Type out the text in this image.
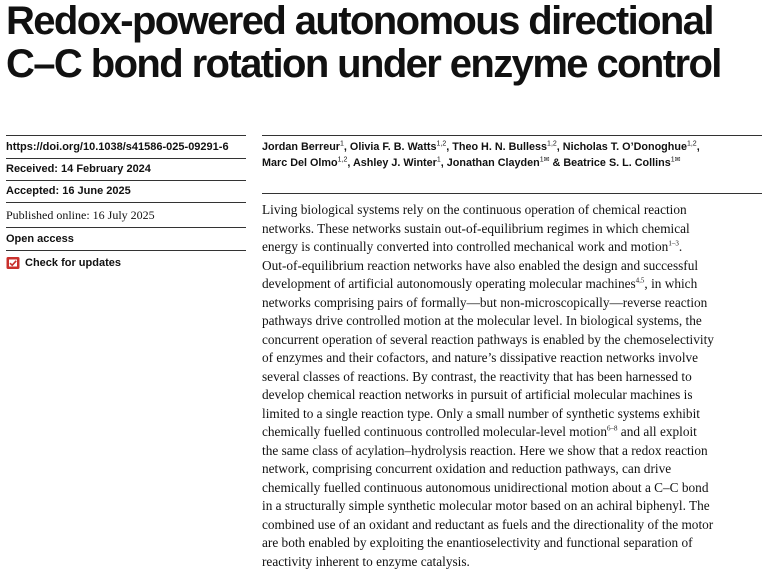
Redox-powered autonomous directional
C–C bond rotation under enzyme control
https://doi.org/10.1038/s41586-025-09291-6
Received: 14 February 2024
Accepted: 16 June 2025
Published online: 16 July 2025
Open access
Check for updates
Jordan Berreur$^1$, Olivia F. B. Watts$^{1,2}$, Theo H. N. Bulless$^{1,2}$, Nicholas T. O’Donoghue$^{1,2}$,
Marc Del Olmo$^{1,2}$, Ashley J. Winter$^1$, Jonathan Clayden$^{1✉}$ & Beatrice S. L. Collins$^{1✉}$
Living biological systems rely on the continuous operation of chemical reaction
networks. These networks sustain out-of-equilibrium regimes in which chemical
energy is continually converted into controlled mechanical work and motion$^{1-3}$.
Out-of-equilibrium reaction networks have also enabled the design and successful
development of artificial autonomously operating molecular machines$^{4,5}$, in which
networks comprising pairs of formally—but non-microscopically—reverse reaction
pathways drive controlled motion at the molecular level. In biological systems, the
concurrent operation of several reaction pathways is enabled by the chemoselectivity
of enzymes and their cofactors, and nature’s dissipative reaction networks involve
several classes of reactions. By contrast, the reactivity that has been harnessed to
develop chemical reaction networks in pursuit of artificial molecular machines is
limited to a single reaction type. Only a small number of synthetic systems exhibit
chemically fuelled continuous controlled molecular-level motion$^{6-8}$ and all exploit
the same class of acylation–hydrolysis reaction. Here we show that a redox reaction
network, comprising concurrent oxidation and reduction pathways, can drive
chemically fuelled continuous autonomous unidirectional motion about a C–C bond
in a structurally simple synthetic molecular motor based on an achiral biphenyl. The
combined use of an oxidant and reductant as fuels and the directionality of the motor
are both enabled by exploiting the enantioselectivity and functional separation of
reactivity inherent to enzyme catalysis.
